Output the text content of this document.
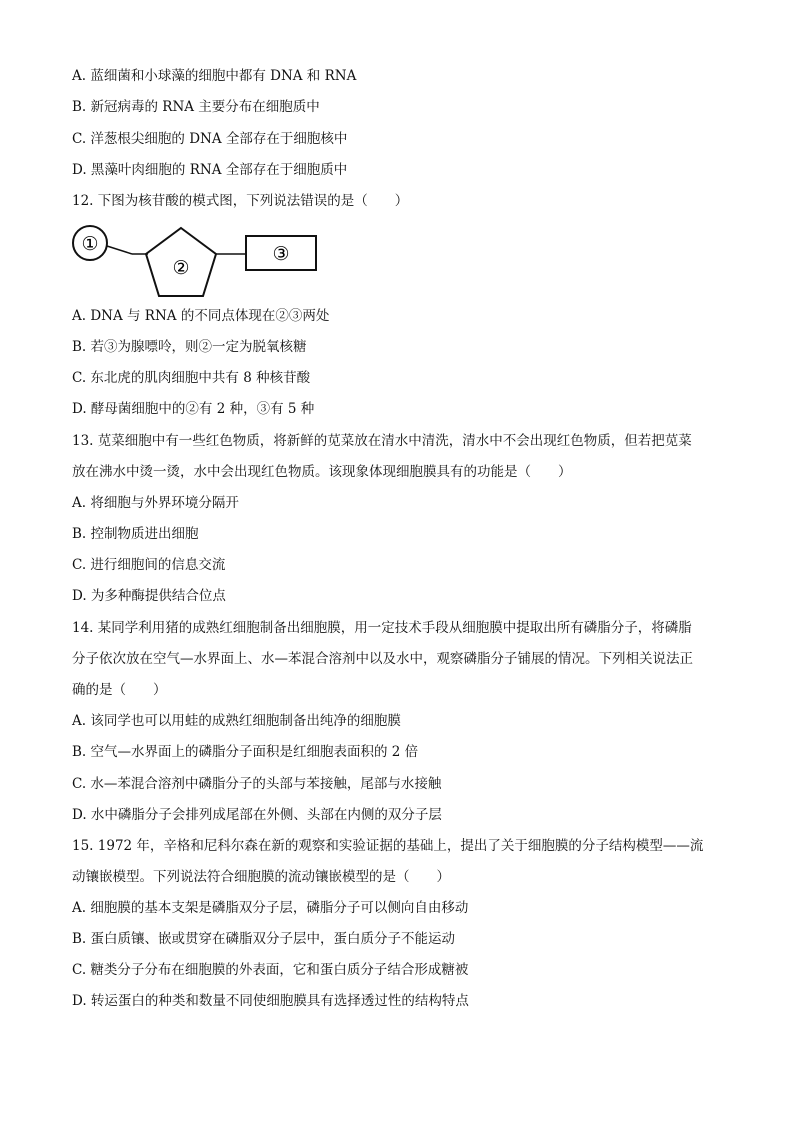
A. 蓝细菌和小球藻的细胞中都有 DNA 和 RNA
B. 新冠病毒的 RNA 主要分布在细胞质中
C. 洋葱根尖细胞的 DNA 全部存在于细胞核中
D. 黑藻叶肉细胞的 RNA 全部存在于细胞质中
12. 下图为核苷酸的模式图，下列说法错误的是（　　）
①
②
③
A. DNA 与 RNA 的不同点体现在②③两处
B. 若③为腺嘌呤，则②一定为脱氧核糖
C. 东北虎的肌肉细胞中共有 8 种核苷酸
D. 酵母菌细胞中的②有 2 种，③有 5 种
13. 苋菜细胞中有一些红色物质，将新鲜的苋菜放在清水中清洗，清水中不会出现红色物质，但若把苋菜
放在沸水中烫一烫，水中会出现红色物质。该现象体现细胞膜具有的功能是（　　）
A. 将细胞与外界环境分隔开
B. 控制物质进出细胞
C. 进行细胞间的信息交流
D. 为多种酶提供结合位点
14. 某同学利用猪的成熟红细胞制备出细胞膜，用一定技术手段从细胞膜中提取出所有磷脂分子，将磷脂
分子依次放在空气—水界面上、水—苯混合溶剂中以及水中，观察磷脂分子铺展的情况。下列相关说法正
确的是（　　）
A. 该同学也可以用蛙的成熟红细胞制备出纯净的细胞膜
B. 空气—水界面上的磷脂分子面积是红细胞表面积的 2 倍
C. 水—苯混合溶剂中磷脂分子的头部与苯接触，尾部与水接触
D. 水中磷脂分子会排列成尾部在外侧、头部在内侧的双分子层
15. 1972 年，辛格和尼科尔森在新的观察和实验证据的基础上，提出了关于细胞膜的分子结构模型——流
动镶嵌模型。下列说法符合细胞膜的流动镶嵌模型的是（　　）
A. 细胞膜的基本支架是磷脂双分子层，磷脂分子可以侧向自由移动
B. 蛋白质镶、嵌或贯穿在磷脂双分子层中，蛋白质分子不能运动
C. 糖类分子分布在细胞膜的外表面，它和蛋白质分子结合形成糖被
D. 转运蛋白的种类和数量不同使细胞膜具有选择透过性的结构特点
